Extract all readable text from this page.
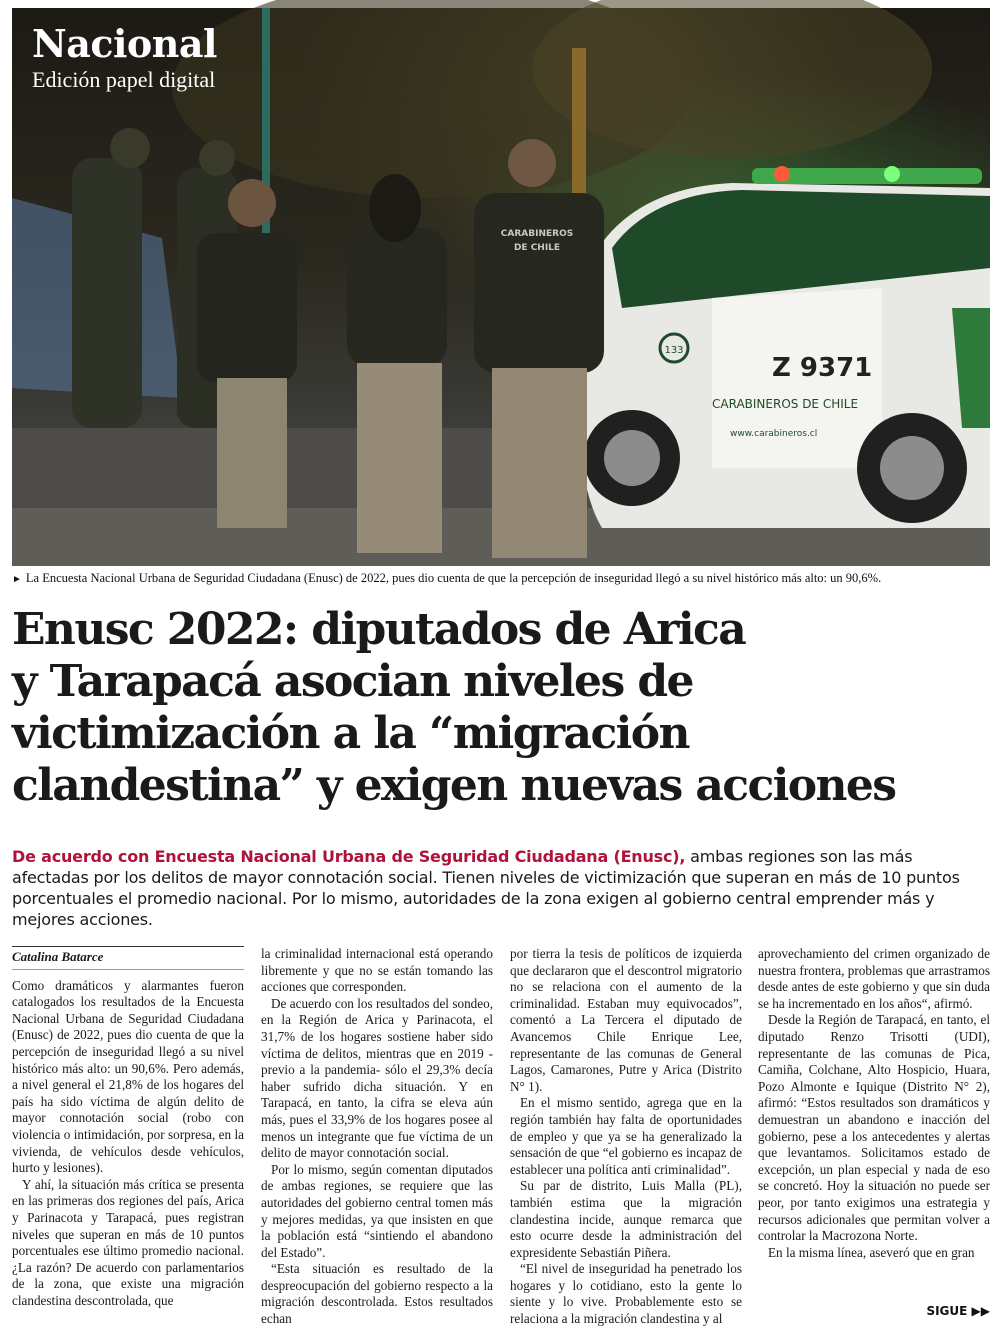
133
Z 9371
CARABINEROS DE CHILE
www.carabineros.cl
CARABINEROS
DE CHILE
Nacional
Edición papel digital
► La Encuesta Nacional Urbana de Seguridad Ciudadana (Enusc) de 2022, pues dio cuenta de que la percepción de inseguridad llegó a su nivel histórico más alto: un 90,6%.
Enusc 2022: diputados de Arica
y Tarapacá asocian niveles de
victimización a la “migración
clandestina” y exigen nuevas acciones

De acuerdo con Encuesta Nacional Urbana de Seguridad Ciudadana (Enusc), ambas regiones son las más afectadas por los delitos de mayor connotación social. Tienen niveles de victimización que superan en más de 10 puntos porcentuales el promedio nacional. Por lo mismo, autoridades de la zona exigen al gobierno central emprender más y mejores acciones.

Catalina Batarce

Como dramáticos y alarmantes fueron catalogados los resultados de la Encuesta Nacional Urbana de Seguridad Ciudadana (Enusc) de 2022, pues dio cuenta de que la percepción de inseguridad llegó a su nivel histórico más alto: un 90,6%. Pero además, a nivel general el 21,8% de los hogares del país ha sido víctima de algún delito de mayor connotación social (robo con violencia o intimidación, por sorpresa, en la vivienda, de vehículos desde vehículos, hurto y lesiones).

Y ahí, la situación más crítica se presenta en las primeras dos regiones del país, Arica y Parinacota y Tarapacá, pues registran niveles que superan en más de 10 puntos porcentuales ese último promedio nacional. ¿La razón? De acuerdo con parlamentarios de la zona, que existe una migración clandestina descontrolada, que

la criminalidad internacional está operando libremente y que no se están tomando las acciones que corresponden.

De acuerdo con los resultados del sondeo, en la Región de Arica y Parinacota, el 31,7% de los hogares sostiene haber sido víctima de delitos, mientras que en 2019 -previo a la pandemia- sólo el 29,3% decía haber sufrido dicha situación. Y en Tarapacá, en tanto, la cifra se eleva aún más, pues el 33,9% de los hogares posee al menos un integrante que fue víctima de un delito de mayor connotación social.

Por lo mismo, según comentan diputados de ambas regiones, se requiere que las autoridades del gobierno central tomen más y mejores medidas, ya que insisten en que la población está “sintiendo el abandono del Estado”.

“Esta situación es resultado de la despreocupación del gobierno respecto a la migración descontrolada. Estos resultados echan

por tierra la tesis de políticos de izquierda que declararon que el descontrol migratorio no se relaciona con el aumento de la criminalidad. Estaban muy equivocados”, comentó a La Tercera el diputado de Avancemos Chile Enrique Lee, representante de las comunas de General Lagos, Camarones, Putre y Arica (Distrito N° 1).

En el mismo sentido, agrega que en la región también hay falta de oportunidades de empleo y que ya se ha generalizado la sensación de que “el gobierno es incapaz de establecer una política anti criminalidad”.

Su par de distrito, Luis Malla (PL), también estima que la migración clandestina incide, aunque remarca que esto ocurre desde la administración del expresidente Sebastián Piñera.

“El nivel de inseguridad ha penetrado los hogares y lo cotidiano, esto la gente lo siente y lo vive. Probablemente esto se relaciona a la migración clandestina y al

aprovechamiento del crimen organizado de nuestra frontera, problemas que arrastramos desde antes de este gobierno y que sin duda se ha incrementado en los años“, afirmó.

Desde la Región de Tarapacá, en tanto, el diputado Renzo Trisotti (UDI), representante de las comunas de Pica, Camiña, Colchane, Alto Hospicio, Huara, Pozo Almonte e Iquique (Distrito N° 2), afirmó: “Estos resultados son dramáticos y demuestran un abandono e inacción del gobierno, pese a los antecedentes y alertas que levantamos. Solicitamos estado de excepción, un plan especial y nada de eso se concretó. Hoy la situación no puede ser peor, por tanto exigimos una estrategia y recursos adicionales que permitan volver a controlar la Macrozona Norte.

En la misma línea, aseveró que en gran

SIGUE ▶▶
